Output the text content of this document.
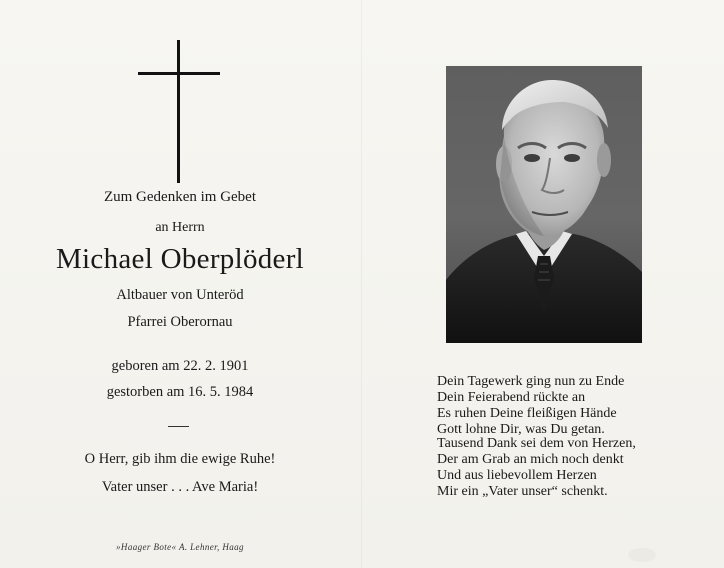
Zum Gedenken im Gebet
an Herrn
Michael Oberplöderl
Altbauer von Unteröd
Pfarrei Oberornau
geboren am 22. 2. 1901
gestorben am 16. 5. 1984
O Herr, gib ihm die ewige Ruhe!
Vater unser . . . Ave Maria!
»Haager Bote« A. Lehner, Haag
Dein Tagewerk ging nun zu Ende
Dein Feierabend rückte an
Es ruhen Deine fleißigen Hände
Gott lohne Dir, was Du getan.
Tausend Dank sei dem von Herzen,
Der am Grab an mich noch denkt
Und aus liebevollem Herzen
Mir ein „Vater unser“ schenkt.
